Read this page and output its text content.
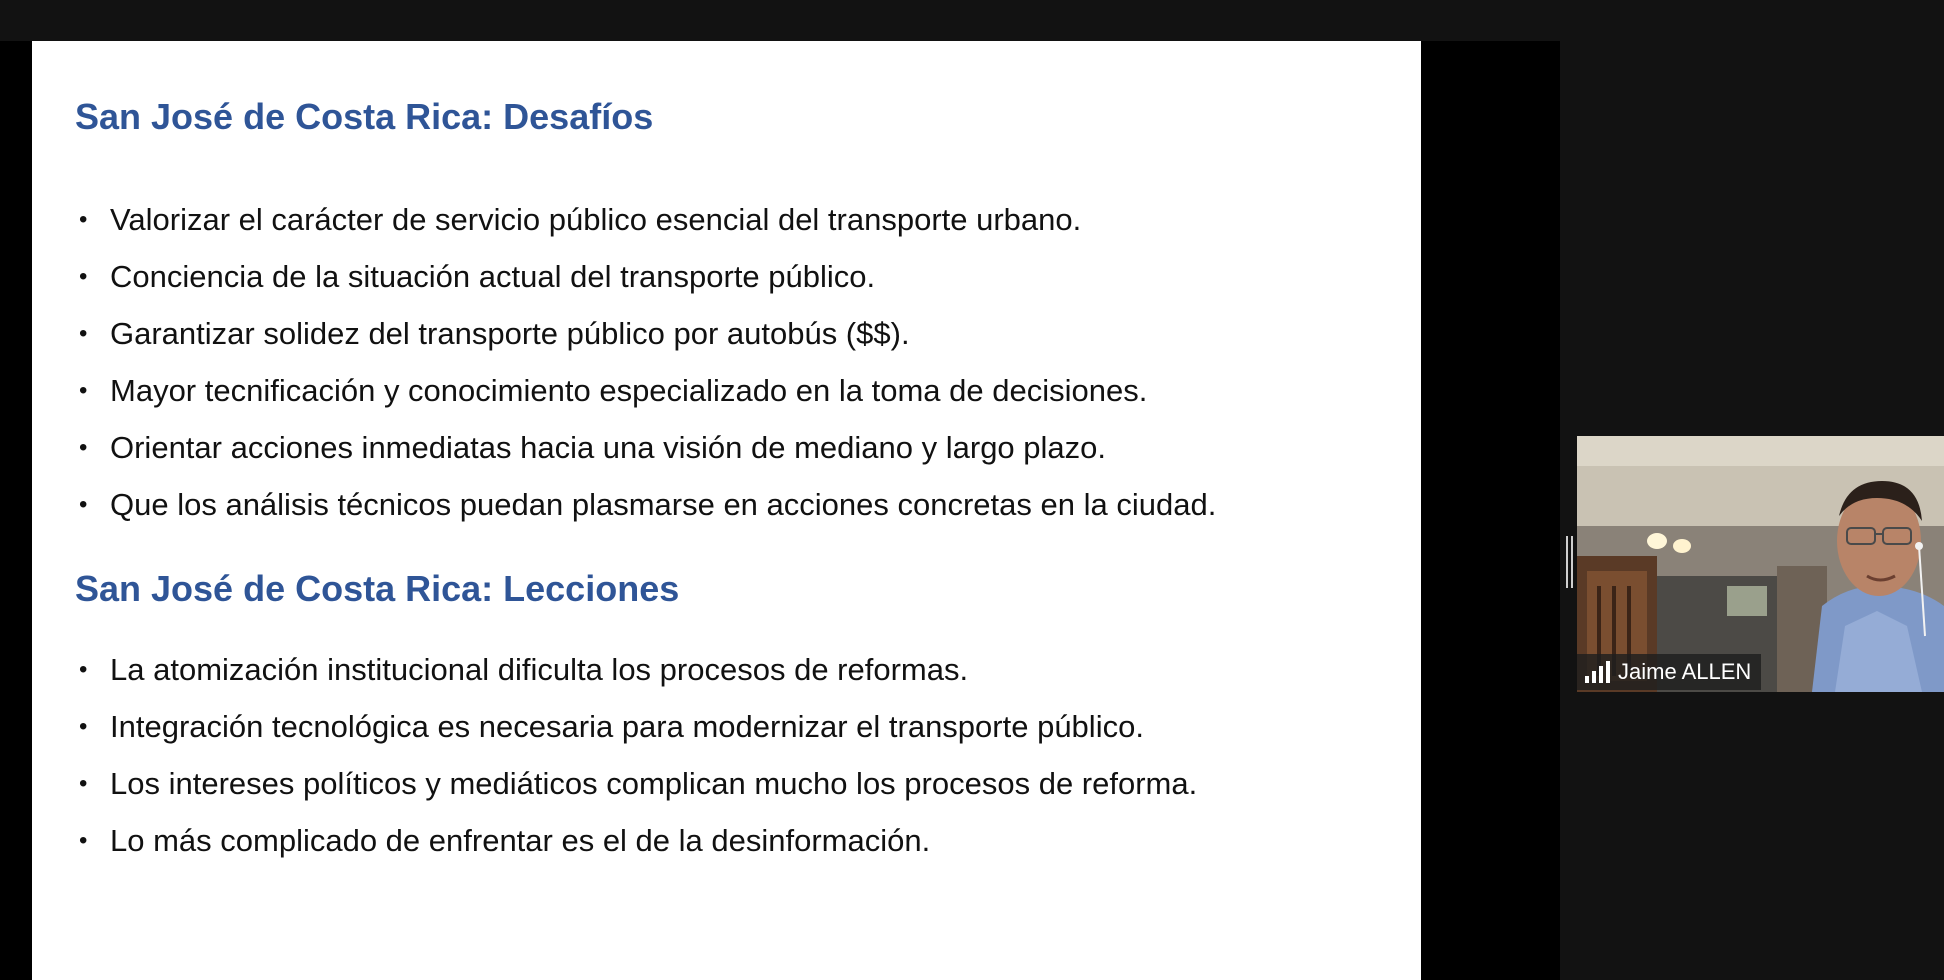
San José de Costa Rica: Desafíos
• Valorizar el carácter de servicio público esencial del transporte urbano.
• Conciencia de la situación actual del transporte público.
• Garantizar solidez del transporte público por autobús ($$).
• Mayor tecnificación y conocimiento especializado en la toma de decisiones.
• Orientar acciones inmediatas hacia una visión de mediano y largo plazo.
• Que los análisis técnicos puedan plasmarse en acciones concretas en la ciudad.
San José de Costa Rica: Lecciones
• La atomización institucional dificulta los procesos de reformas.
• Integración tecnológica es necesaria para modernizar el transporte público.
• Los intereses políticos y mediáticos complican mucho los procesos de reforma.
• Lo más complicado de enfrentar es el de la desinformación.
Jaime ALLEN
